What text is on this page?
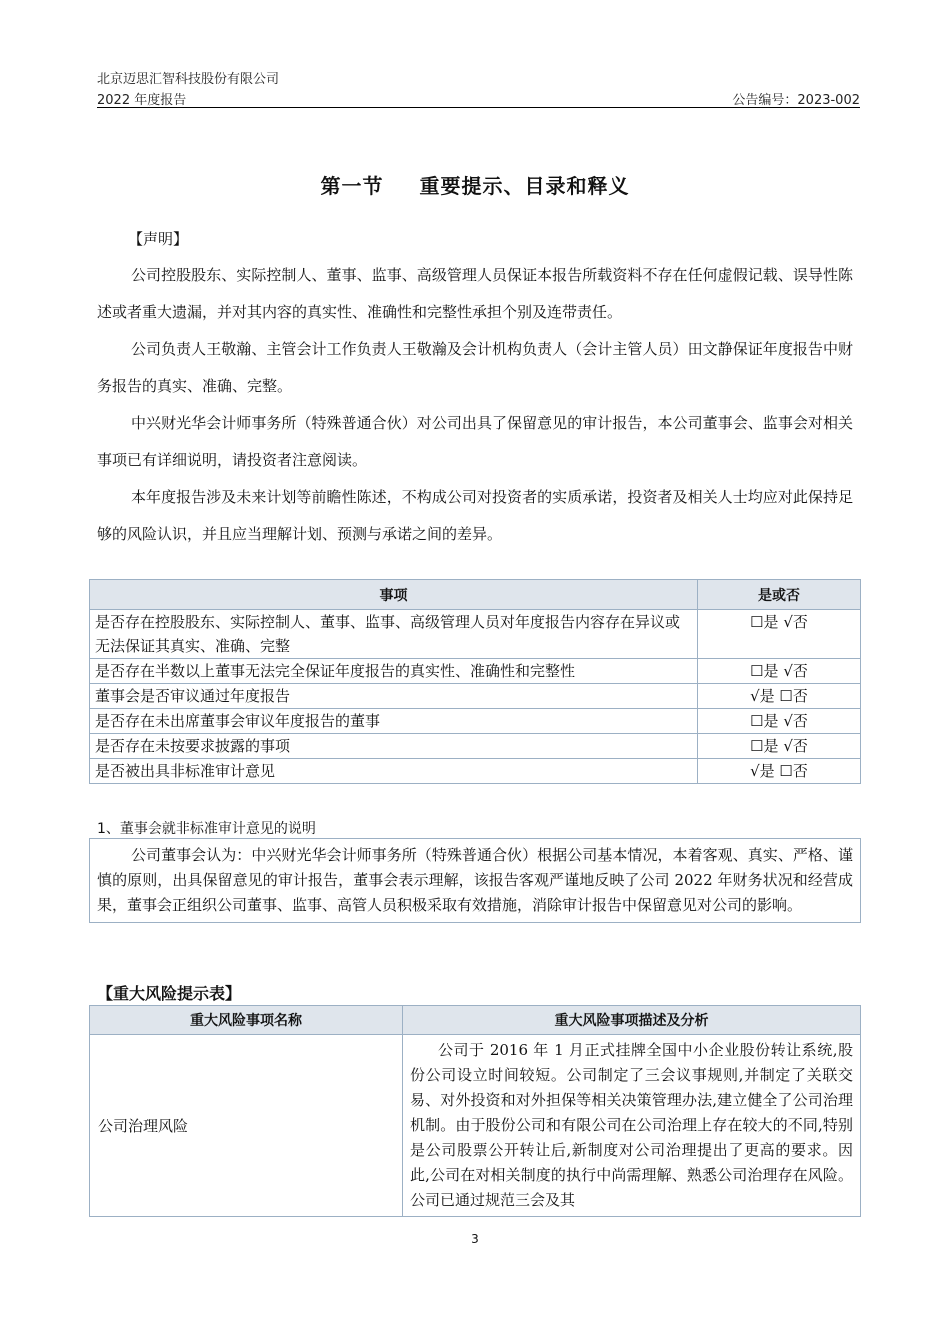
北京迈思汇智科技股份有限公司
2022 年度报告	公告编号：2023-002
第一节 重要提示、目录和释义
【声明】

公司控股股东、实际控制人、董事、监事、高级管理人员保证本报告所载资料不存在任何虚假记载、误导性陈述或者重大遗漏，并对其内容的真实性、准确性和完整性承担个别及连带责任。

公司负责人王敬瀚、主管会计工作负责人王敬瀚及会计机构负责人（会计主管人员）田文静保证年度报告中财务报告的真实、准确、完整。

中兴财光华会计师事务所（特殊普通合伙）对公司出具了保留意见的审计报告，本公司董事会、监事会对相关事项已有详细说明，请投资者注意阅读。

本年度报告涉及未来计划等前瞻性陈述，不构成公司对投资者的实质承诺，投资者及相关人士均应对此保持足够的风险认识，并且应当理解计划、预测与承诺之间的差异。

事项	是或否
是否存在控股股东、实际控制人、董事、监事、高级管理人员对年度报告内容存在异议或无法保证其真实、准确、完整	☐是 √否
是否存在半数以上董事无法完全保证年度报告的真实性、准确性和完整性	☐是 √否
董事会是否审议通过年度报告	√是 ☐否
是否存在未出席董事会审议年度报告的董事	☐是 √否
是否存在未按要求披露的事项	☐是 √否
是否被出具非标准审计意见	√是 ☐否
1、董事会就非标准审计意见的说明
公司董事会认为：中兴财光华会计师事务所（特殊普通合伙）根据公司基本情况，本着客观、真实、严格、谨慎的原则，出具保留意见的审计报告，董事会表示理解，该报告客观严谨地反映了公司 2022 年财务状况和经营成果，董事会正组织公司董事、监事、高管人员积极采取有效措施，消除审计报告中保留意见对公司的影响。
【重大风险提示表】
重大风险事项名称	重大风险事项描述及分析
公司治理风险	公司于 2016 年 1 月正式挂牌全国中小企业股份转让系统,股份公司设立时间较短。公司制定了三会议事规则,并制定了关联交易、对外投资和对外担保等相关决策管理办法,建立健全了公司治理机制。由于股份公司和有限公司在公司治理上存在较大的不同,特别是公司股票公开转让后,新制度对公司治理提出了更高的要求。因此,公司在对相关制度的执行中尚需理解、熟悉公司治理存在风险。公司已通过规范三会及其
3
